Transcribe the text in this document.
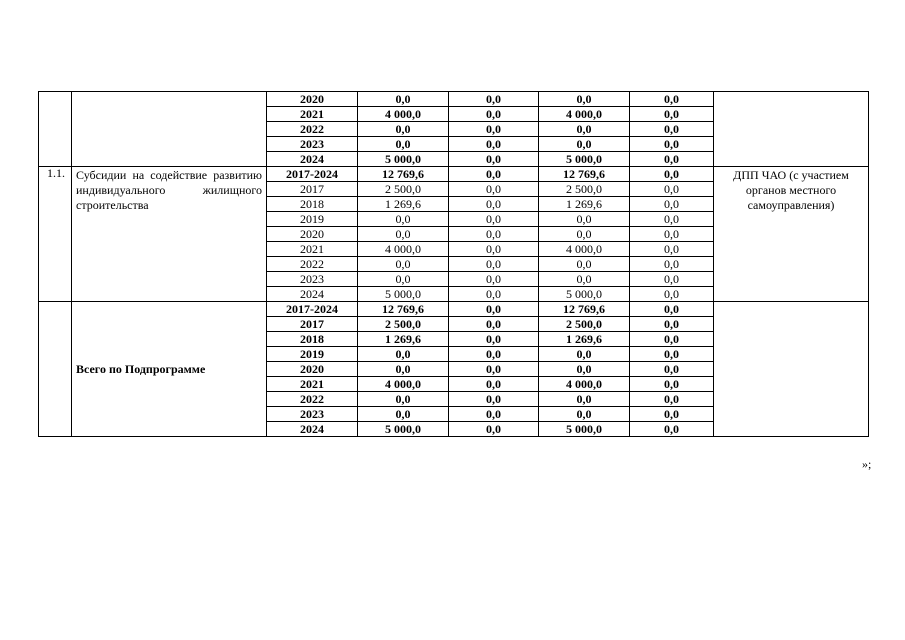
		2020	0,0	0,0	0,0	0,0	
		2021	4 000,0	0,0	4 000,0	0,0	
		2022	0,0	0,0	0,0	0,0	
		2023	0,0	0,0	0,0	0,0	
		2024	5 000,0	0,0	5 000,0	0,0	
1.1.	Субсидии на содействие развитию индивидуального жилищного строительства	2017-2024	12 769,6	0,0	12 769,6	0,0	ДПП ЧАО (с участием органов местного самоуправления)
		2017	2 500,0	0,0	2 500,0	0,0	
		2018	1 269,6	0,0	1 269,6	0,0	
		2019	0,0	0,0	0,0	0,0	
		2020	0,0	0,0	0,0	0,0	
		2021	4 000,0	0,0	4 000,0	0,0	
		2022	0,0	0,0	0,0	0,0	
		2023	0,0	0,0	0,0	0,0	
		2024	5 000,0	0,0	5 000,0	0,0	
	Всего по Подпрограмме	2017-2024	12 769,6	0,0	12 769,6	0,0	
		2017	2 500,0	0,0	2 500,0	0,0	
		2018	1 269,6	0,0	1 269,6	0,0	
		2019	0,0	0,0	0,0	0,0	
		2020	0,0	0,0	0,0	0,0	
		2021	4 000,0	0,0	4 000,0	0,0	
		2022	0,0	0,0	0,0	0,0	
		2023	0,0	0,0	0,0	0,0	
		2024	5 000,0	0,0	5 000,0	0,0	
»;
